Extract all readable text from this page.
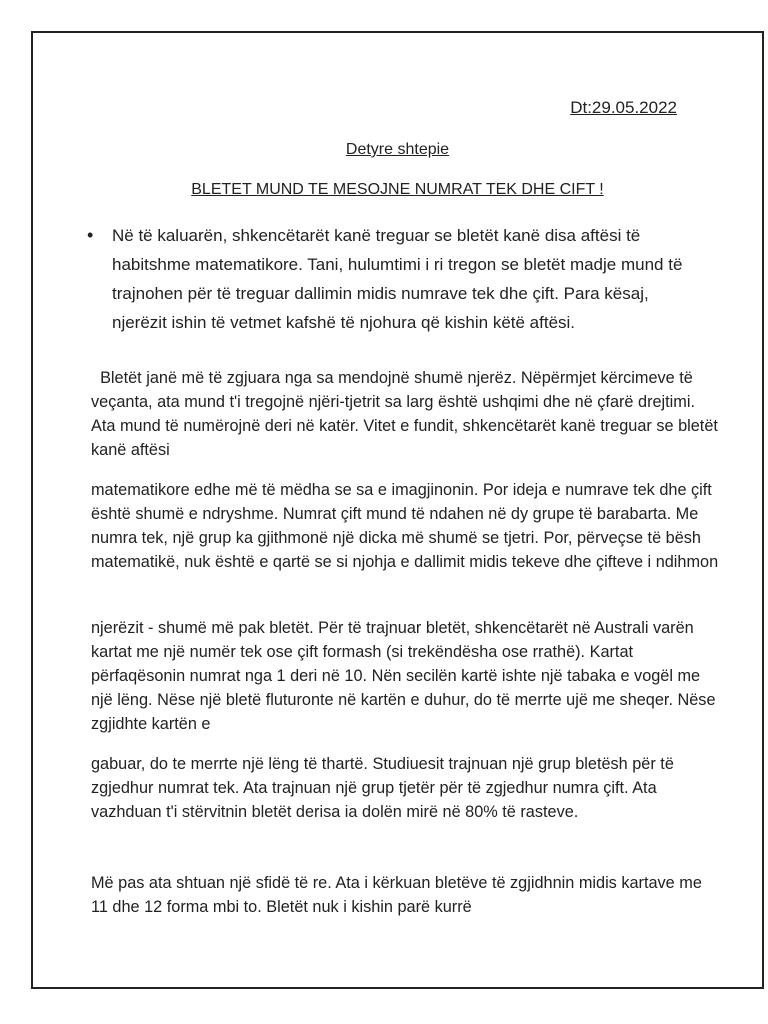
Dt:29.05.2022
Detyre shtepie
BLETET MUND TE MESOJNE NUMRAT TEK DHE CIFT !
• Në të kaluarën, shkencëtarët kanë treguar se bletët kanë disa aftësi të habitshme matematikore. Tani, hulumtimi i ri tregon se bletët madje mund të trajnohen për të treguar dallimin midis numrave tek dhe çift. Para kësaj, njerëzit ishin të vetmet kafshë të njohura që kishin këtë aftësi.
Bletët janë më të zgjuara nga sa mendojnë shumë njerëz. Nëpërmjet kërcimeve të veçanta, ata mund t'i tregojnë njëri-tjetrit sa larg është ushqimi dhe në çfarë drejtimi. Ata mund të numërojnë deri në katër. Vitet e fundit, shkencëtarët kanë treguar se bletët kanë aftësi
matematikore edhe më të mëdha se sa e imagjinonin. Por ideja e numrave tek dhe çift është shumë e ndryshme. Numrat çift mund të ndahen në dy grupe të barabarta. Me numra tek, një grup ka gjithmonë një dicka më shumë se tjetri. Por, përveçse të bësh matematikë, nuk është e qartë se si njohja e dallimit midis tekeve dhe çifteve i ndihmon
njerëzit - shumë më pak bletët. Për të trajnuar bletët, shkencëtarët në Australi varën kartat me një numër tek ose çift formash (si trekëndësha ose rrathë). Kartat përfaqësonin numrat nga 1 deri në 10. Nën secilën kartë ishte një tabaka e vogël me një lëng. Nëse një bletë fluturonte në kartën e duhur, do të merrte ujë me sheqer. Nëse zgjidhte kartën e
gabuar, do te merrte një lëng të thartë. Studiuesit trajnuan një grup bletësh për të zgjedhur numrat tek. Ata trajnuan një grup tjetër për të zgjedhur numra çift. Ata vazhduan t'i stërvitnin bletët derisa ia dolën mirë në 80% të rasteve.
Më pas ata shtuan një sfidë të re. Ata i kërkuan bletëve të zgjidhnin midis kartave me 11 dhe 12 forma mbi to. Bletët nuk i kishin parë kurrë
